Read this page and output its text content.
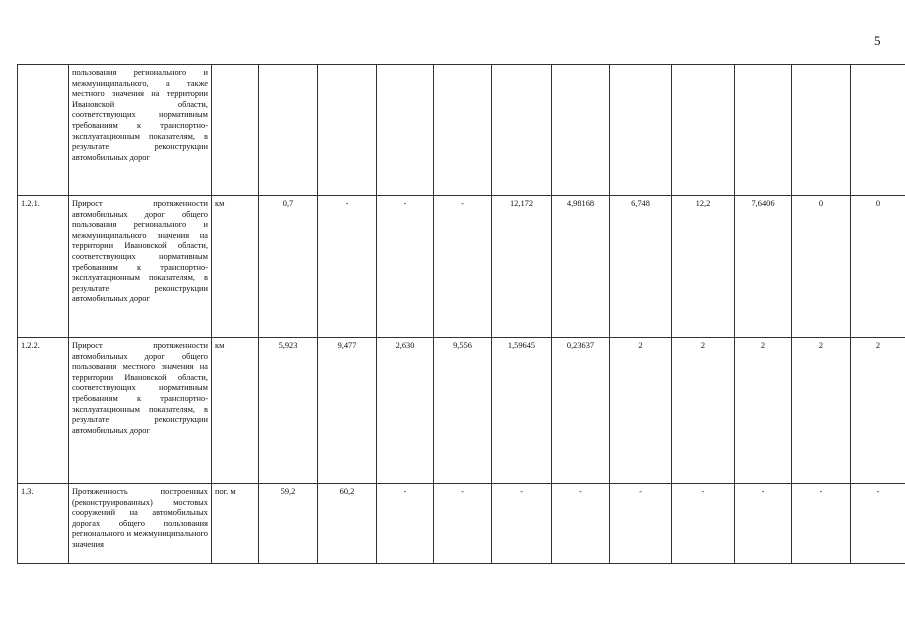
5
	пользования регионального и межмуниципального, а также местного значения на территории Ивановской области, соответствующих нормативным требованиям к транспортно-эксплуатационным показателям, в результате реконструкции автомобильных дорог												
1.2.1.	Прирост протяженности автомобильных дорог общего пользования регионального и межмуниципального значения на территории Ивановской области, соответствующих нормативным требованиям к транспортно-эксплуатационным показателям, в результате реконструкции автомобильных дорог	км	0,7	-	-	-	12,172	4,98168	6,748	12,2	7,6406	0	0
1.2.2.	Прирост протяженности автомобильных дорог общего пользования местного значения на территории Ивановской области, соответствующих нормативным требованиям к транспортно-эксплуатационным показателям, в результате реконструкции автомобильных дорог	км	5,923	9,477	2,630	9,556	1,59645	0,23637	2	2	2	2	2
1.3.	Протяженность построенных (реконструированных) мостовых сооружений на автомобильных дорогах общего пользования регионального и межмуниципального значения	пог. м	59,2	60,2	-	-	-	-	-	-	-	-	-
